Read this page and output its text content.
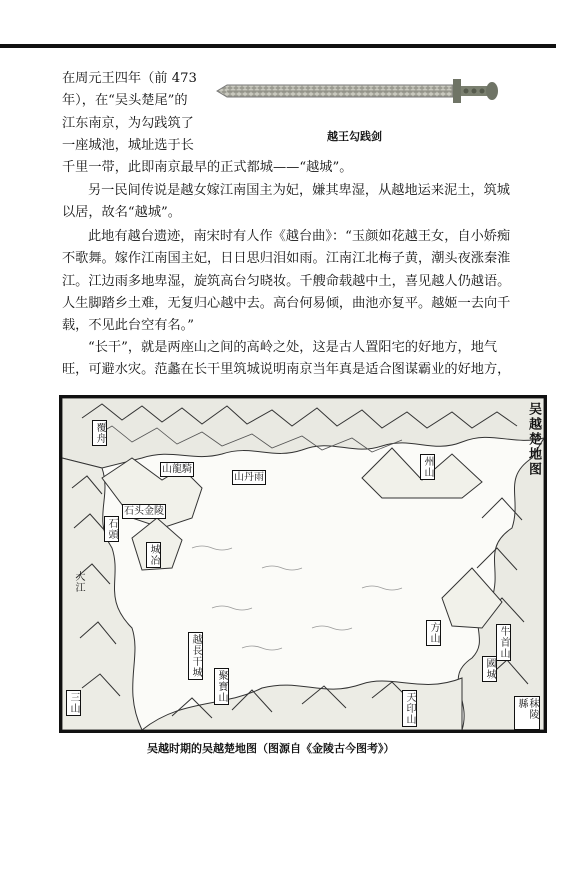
在周元王四年（前 473
年），在“吴头楚尾”的
江东南京，为勾践筑了
一座城池，城址选于长
千里一带，此即南京最早的正式都城——“越城”。
越王勾践剑
另一民间传说是越女嫁江南国主为妃，嫌其卑湿，从越地运来泥土，筑城
以居，故名“越城”。
此地有越台遗迹，南宋时有人作《越台曲》：“玉颜如花越王女，自小娇痴
不歌舞。嫁作江南国主妃，日日思归泪如雨。江南江北梅子黄，潮头夜涨秦淮
江。江边雨多地卑湿，旋筑高台匀晓妆。千艘命载越中土，喜见越人仍越语。
人生脚踏乡土难，无复归心越中去。高台何易倾，曲池亦复平。越姬一去向千
载，不见此台空有名。”
“长干”，就是两座山之间的高岭之处，这是古人置阳宅的好地方，地气
旺，可避水灾。范蠡在长干里筑城说明南京当年真是适合图谋霸业的好地方，
吴越楚地图
覆舟
山龍騎
山丹雨	州山
石头金陵
石頭
城冶
大江
越長干城
聚寶山
三山	天印山
方山	牛首山
國城
秣陵縣
吴越时期的吴越楚地图（图源自《金陵古今图考》）
